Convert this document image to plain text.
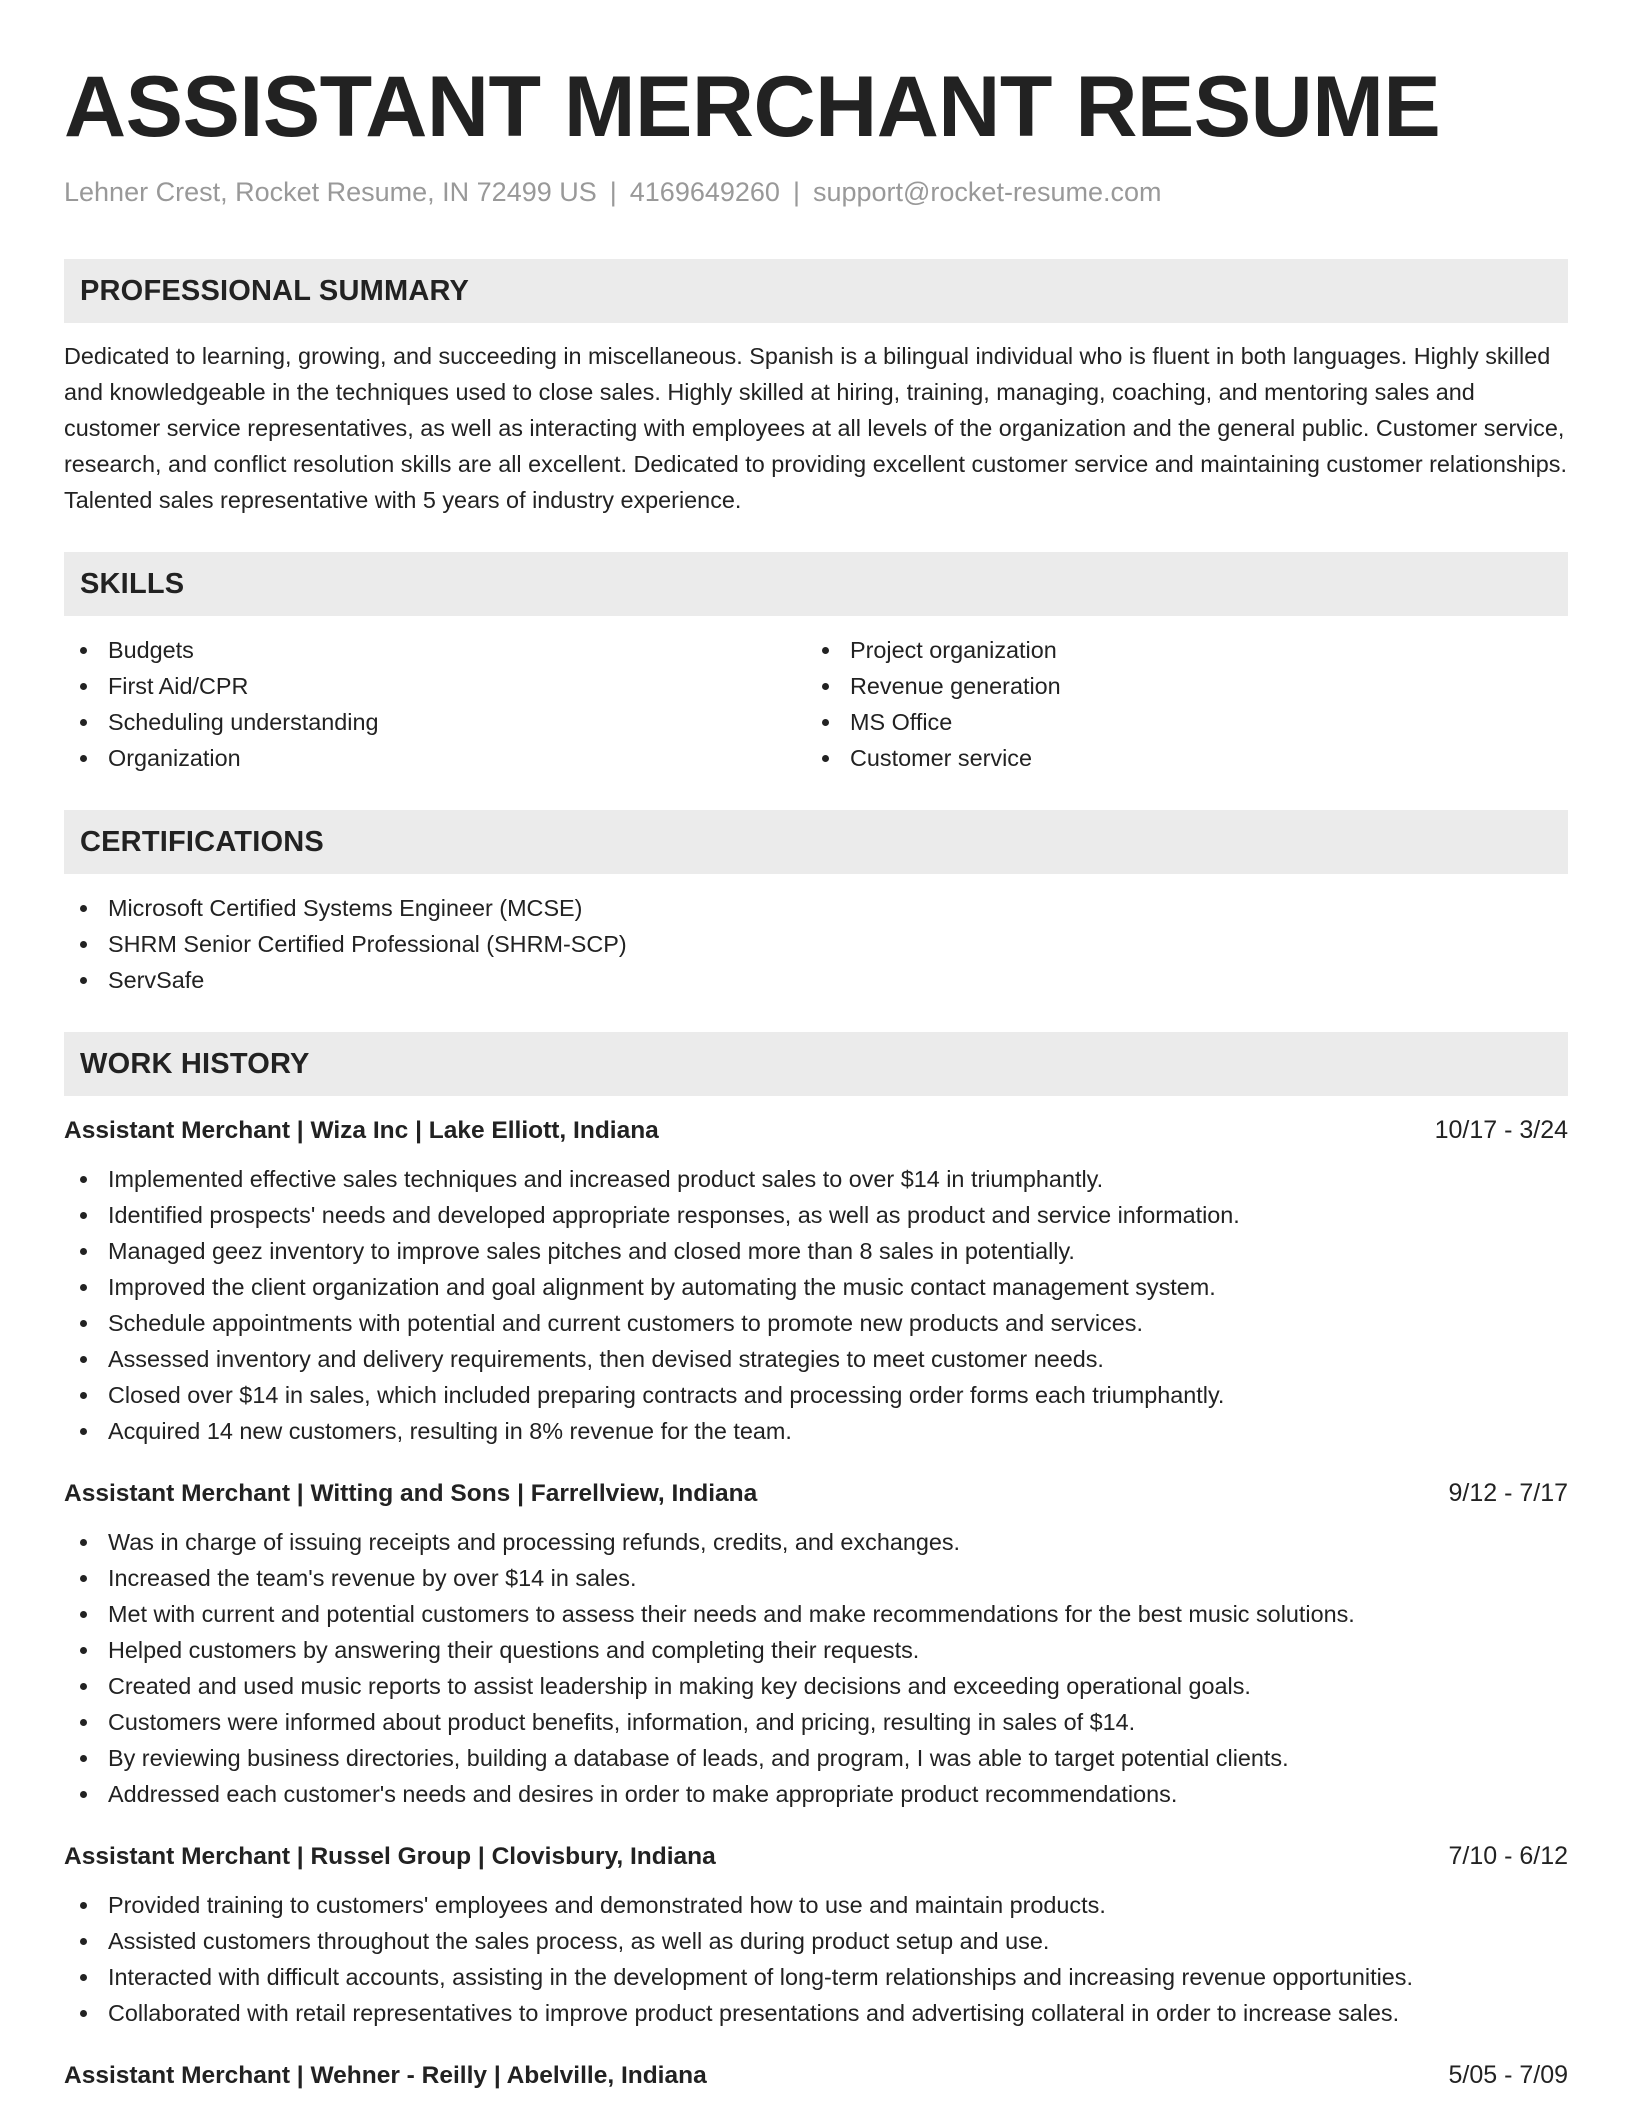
ASSISTANT MERCHANT RESUME
Lehner Crest, Rocket Resume, IN 72499 US | 4169649260 | support@rocket-resume.com
PROFESSIONAL SUMMARY

Dedicated to learning, growing, and succeeding in miscellaneous. Spanish is a bilingual individual who is fluent in both languages. Highly skilled and knowledgeable in the techniques used to close sales. Highly skilled at hiring, training, managing, coaching, and mentoring sales and customer service representatives, as well as interacting with employees at all levels of the organization and the general public. Customer service, research, and conflict resolution skills are all excellent. Dedicated to providing excellent customer service and maintaining customer relationships. Talented sales representative with 5 years of industry experience.

SKILLS
Budgets
First Aid/CPR
Scheduling understanding
Organization
Project organization
Revenue generation
MS Office
Customer service
CERTIFICATIONS
Microsoft Certified Systems Engineer (MCSE)
SHRM Senior Certified Professional (SHRM-SCP)
ServSafe
WORK HISTORY
Assistant Merchant | Wiza Inc | Lake Elliott, Indiana	10/17 - 3/24
Implemented effective sales techniques and increased product sales to over $14 in triumphantly.
Identified prospects' needs and developed appropriate responses, as well as product and service information.
Managed geez inventory to improve sales pitches and closed more than 8 sales in potentially.
Improved the client organization and goal alignment by automating the music contact management system.
Schedule appointments with potential and current customers to promote new products and services.
Assessed inventory and delivery requirements, then devised strategies to meet customer needs.
Closed over $14 in sales, which included preparing contracts and processing order forms each triumphantly.
Acquired 14 new customers, resulting in 8% revenue for the team.
Assistant Merchant | Witting and Sons | Farrellview, Indiana	9/12 - 7/17
Was in charge of issuing receipts and processing refunds, credits, and exchanges.
Increased the team's revenue by over $14 in sales.
Met with current and potential customers to assess their needs and make recommendations for the best music solutions.
Helped customers by answering their questions and completing their requests.
Created and used music reports to assist leadership in making key decisions and exceeding operational goals.
Customers were informed about product benefits, information, and pricing, resulting in sales of $14.
By reviewing business directories, building a database of leads, and program, I was able to target potential clients.
Addressed each customer's needs and desires in order to make appropriate product recommendations.
Assistant Merchant | Russel Group | Clovisbury, Indiana	7/10 - 6/12
Provided training to customers' employees and demonstrated how to use and maintain products.
Assisted customers throughout the sales process, as well as during product setup and use.
Interacted with difficult accounts, assisting in the development of long-term relationships and increasing revenue opportunities.
Collaborated with retail representatives to improve product presentations and advertising collateral in order to increase sales.
Assistant Merchant | Wehner - Reilly | Abelville, Indiana	5/05 - 7/09
